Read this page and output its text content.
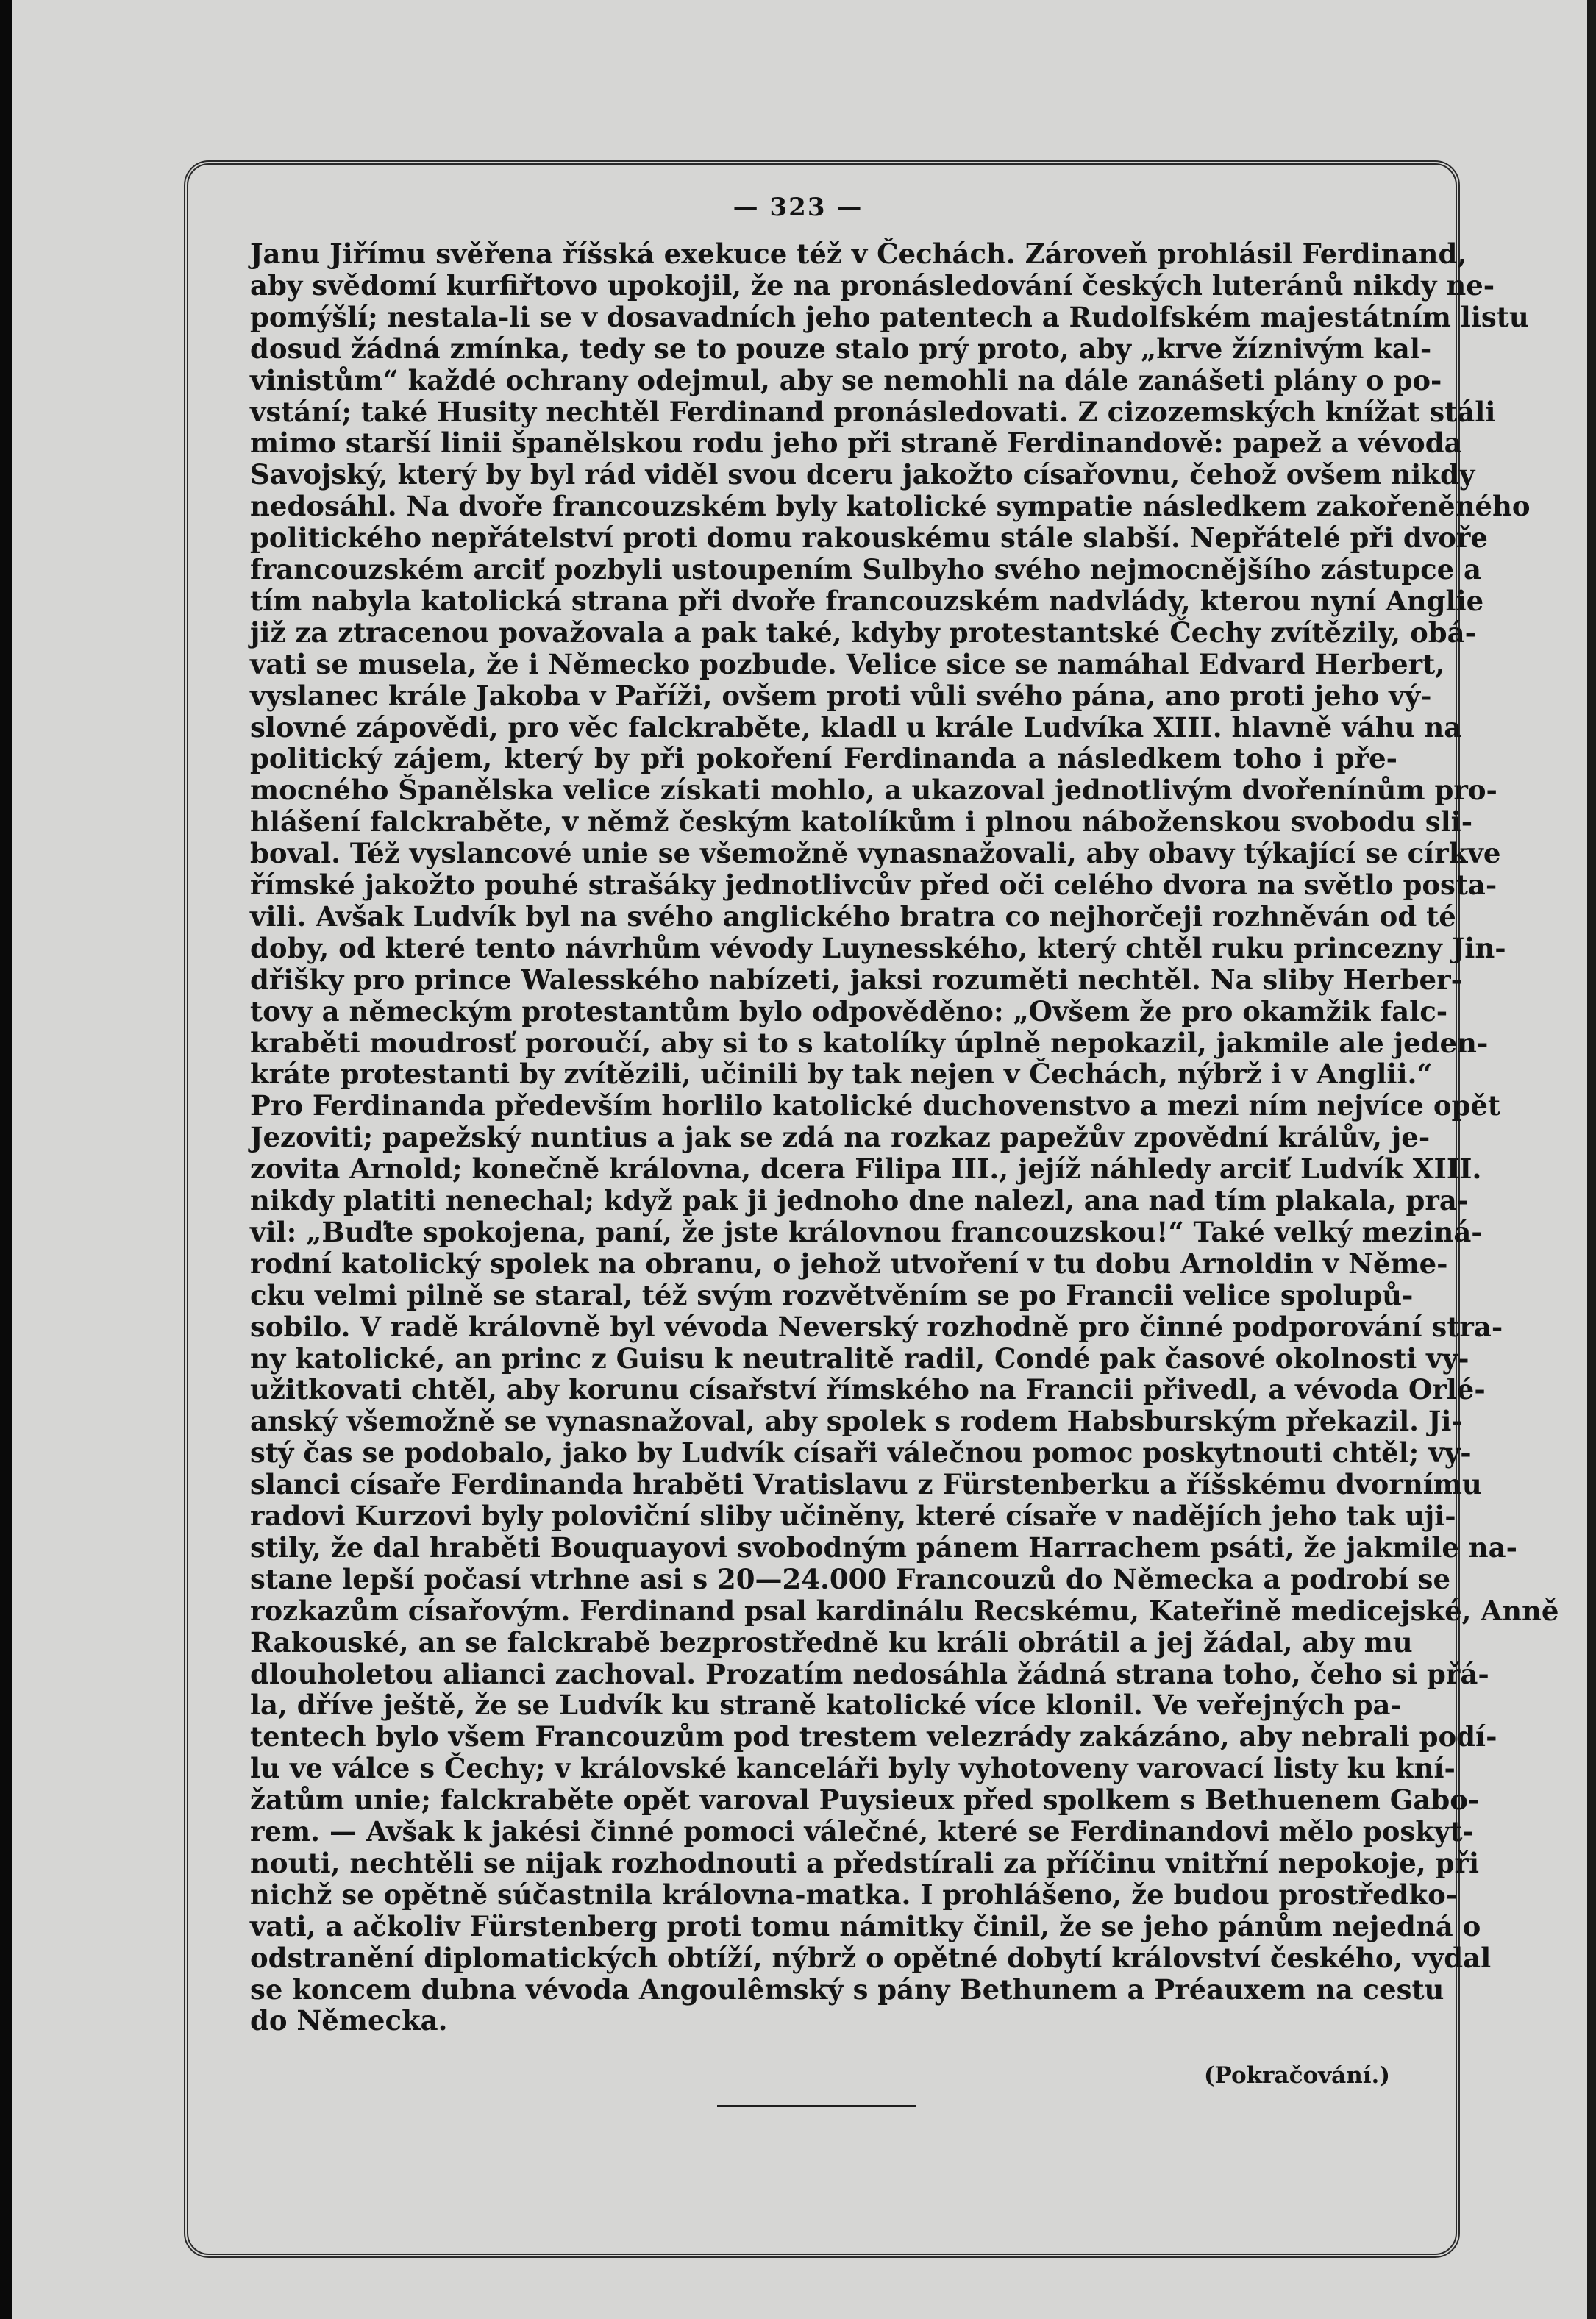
— 323 —
Janu Jiřímu svěřena říšská exekuce též v Čechách. Zároveň prohlásil Ferdinand,
aby svědomí kurfiřtovo upokojil, že na pronásledování českých luteránů nikdy ne-
pomýšlí; nestala-li se v dosavadních jeho patentech a Rudolfském majestátním listu
dosud žádná zmínka, tedy se to pouze stalo prý proto, aby „krve žíznivým kal-
vinistům“ každé ochrany odejmul, aby se nemohli na dále zanášeti plány o po-
vstání; také Husity nechtěl Ferdinand pronásledovati. Z cizozemských knížat stáli
mimo starší linii španělskou rodu jeho při straně Ferdinandově: papež a vévoda
Savojský, který by byl rád viděl svou dceru jakožto císařovnu, čehož ovšem nikdy
nedosáhl. Na dvoře francouzském byly katolické sympatie následkem zakořeněného
politického nepřátelství proti domu rakouskému stále slabší. Nepřátelé při dvoře
francouzském arciť pozbyli ustoupením Sulbyho svého nejmocnějšího zástupce a
tím nabyla katolická strana při dvoře francouzském nadvlády, kterou nyní Anglie
již za ztracenou považovala a pak také, kdyby protestantské Čechy zvítězily, obá-
vati se musela, že i Německo pozbude. Velice sice se namáhal Edvard Herbert,
vyslanec krále Jakoba v Paříži, ovšem proti vůli svého pána, ano proti jeho vý-
slovné zápovědi, pro věc falckraběte, kladl u krále Ludvíka XIII. hlavně váhu na
politický zájem, který by při pokoření Ferdinanda a následkem toho i pře-
mocného Španělska velice získati mohlo, a ukazoval jednotlivým dvořenínům pro-
hlášení falckraběte, v němž českým katolíkům i plnou náboženskou svobodu sli-
boval. Též vyslancové unie se všemožně vynasnažovali, aby obavy týkající se církve
římské jakožto pouhé strašáky jednotlivcův před oči celého dvora na světlo posta-
vili. Avšak Ludvík byl na svého anglického bratra co nejhorčeji rozhněván od té
doby, od které tento návrhům vévody Luynesského, který chtěl ruku princezny Jin-
dřišky pro prince Walesského nabízeti, jaksi rozuměti nechtěl. Na sliby Herber-
tovy a německým protestantům bylo odpověděno: „Ovšem že pro okamžik falc-
kraběti moudrosť poroučí, aby si to s katolíky úplně nepokazil, jakmile ale jeden-
kráte protestanti by zvítězili, učinili by tak nejen v Čechách, nýbrž i v Anglii.“
Pro Ferdinanda především horlilo katolické duchovenstvo a mezi ním nejvíce opět
Jezoviti; papežský nuntius a jak se zdá na rozkaz papežův zpovědní králův, je-
zovita Arnold; konečně královna, dcera Filipa III., jejíž náhledy arciť Ludvík XIII.
nikdy platiti nenechal; když pak ji jednoho dne nalezl, ana nad tím plakala, pra-
vil: „Buďte spokojena, paní, že jste královnou francouzskou!“ Také velký meziná-
rodní katolický spolek na obranu, o jehož utvoření v tu dobu Arnoldin v Něme-
cku velmi pilně se staral, též svým rozvětvěním se po Francii velice spolupů-
sobilo. V radě královně byl vévoda Neverský rozhodně pro činné podporování stra-
ny katolické, an princ z Guisu k neutralitě radil, Condé pak časové okolnosti vy-
užitkovati chtěl, aby korunu císařství římského na Francii přivedl, a vévoda Orlé-
anský všemožně se vynasnažoval, aby spolek s rodem Habsburským překazil. Ji-
stý čas se podobalo, jako by Ludvík císaři válečnou pomoc poskytnouti chtěl; vy-
slanci císaře Ferdinanda hraběti Vratislavu z Fürstenberku a říšskému dvornímu
radovi Kurzovi byly poloviční sliby učiněny, které císaře v nadějích jeho tak uji-
stily, že dal hraběti Bouquayovi svobodným pánem Harrachem psáti, že jakmile na-
stane lepší počasí vtrhne asi s 20—24.000 Francouzů do Německa a podrobí se
rozkazům císařovým. Ferdinand psal kardinálu Recskému, Kateřině medicejské, Anně
Rakouské, an se falckrabě bezprostředně ku králi obrátil a jej žádal, aby mu
dlouholetou alianci zachoval. Prozatím nedosáhla žádná strana toho, čeho si přá-
la, dříve ještě, že se Ludvík ku straně katolické více klonil. Ve veřejných pa-
tentech bylo všem Francouzům pod trestem velezrády zakázáno, aby nebrali podí-
lu ve válce s Čechy; v královské kanceláři byly vyhotoveny varovací listy ku kní-
žatům unie; falckraběte opět varoval Puysieux před spolkem s Bethuenem Gabo-
rem. — Avšak k jakési činné pomoci válečné, které se Ferdinandovi mělo poskyt-
nouti, nechtěli se nijak rozhodnouti a předstírali za příčinu vnitřní nepokoje, při
nichž se opětně súčastnila královna-matka. I prohlášeno, že budou prostředko-
vati, a ačkoliv Fürstenberg proti tomu námitky činil, že se jeho pánům nejedná o
odstranění diplomatických obtíží, nýbrž o opětné dobytí království českého, vydal
se koncem dubna vévoda Angoulêmský s pány Bethunem a Préauxem na cestu
do Německa.
(Pokračování.)
